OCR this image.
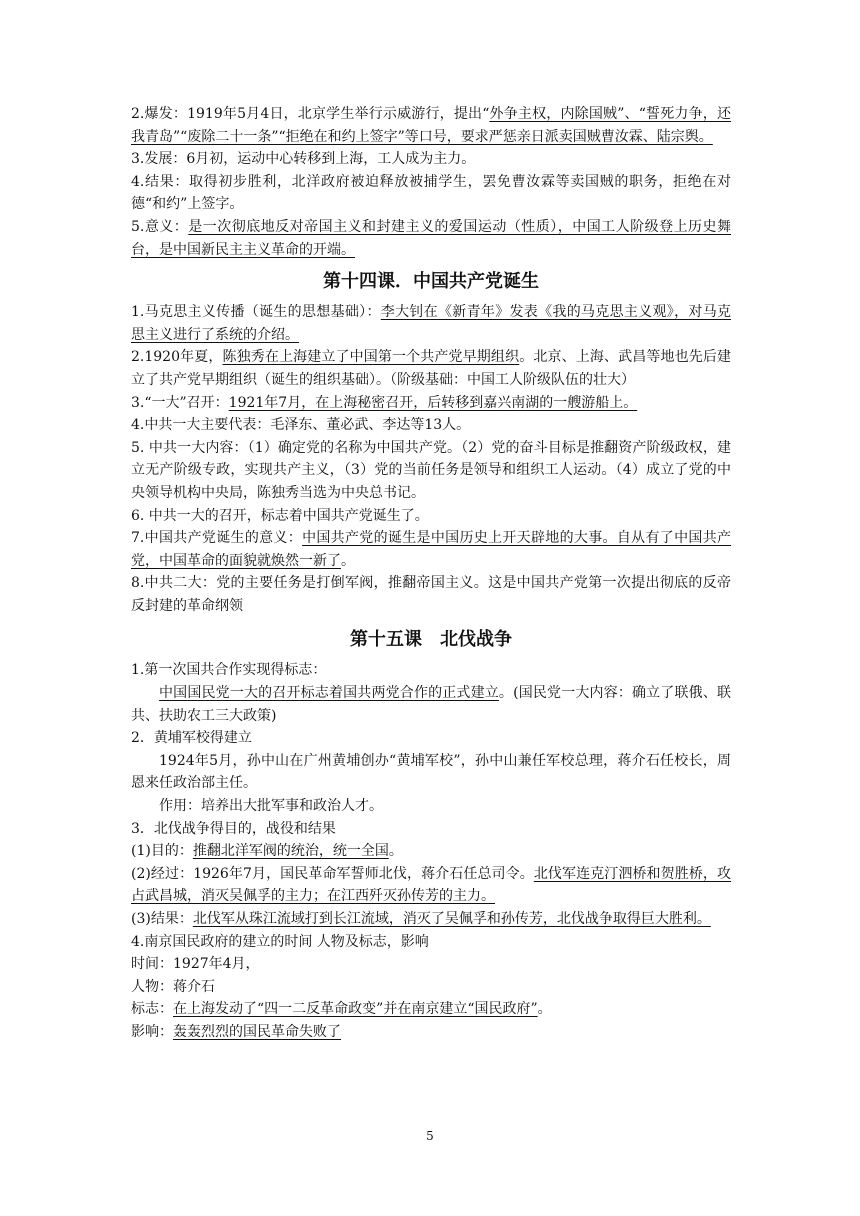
2.爆发：1919年5月4日，北京学生举行示威游行，提出“外争主权，内除国贼”、“誓死力争，还我青岛”“废除二十一条”“拒绝在和约上签字”等口号，要求严惩亲日派卖国贼曹汝霖、陆宗舆。

3.发展：6月初，运动中心转移到上海，工人成为主力。

4.结果：取得初步胜利，北洋政府被迫释放被捕学生，罢免曹汝霖等卖国贼的职务，拒绝在对德“和约”上签字。

5.意义：是一次彻底地反对帝国主义和封建主义的爱国运动（性质），中国工人阶级登上历史舞台，是中国新民主主义革命的开端。

第十四课．中国共产党诞生

1.马克思主义传播（诞生的思想基础）：李大钊在《新青年》发表《我的马克思主义观》，对马克思主义进行了系统的介绍。

2.1920年夏，陈独秀在上海建立了中国第一个共产党早期组织。北京、上海、武昌等地也先后建立了共产党早期组织（诞生的组织基础）。（阶级基础：中国工人阶级队伍的壮大）

3.“一大”召开：1921年7月，在上海秘密召开，后转移到嘉兴南湖的一艘游船上。

4.中共一大主要代表：毛泽东、董必武、李达等13人。

5. 中共一大内容：（1）确定党的名称为中国共产党。（2）党的奋斗目标是推翻资产阶级政权，建立无产阶级专政，实现共产主义，（3）党的当前任务是领导和组织工人运动。（4）成立了党的中央领导机构中央局，陈独秀当选为中央总书记。

6. 中共一大的召开，标志着中国共产党诞生了。

7.中国共产党诞生的意义：中国共产党的诞生是中国历史上开天辟地的大事。自从有了中国共产党，中国革命的面貌就焕然一新了。

8.中共二大：党的主要任务是打倒军阀，推翻帝国主义。这是中国共产党第一次提出彻底的反帝反封建的革命纲领

第十五课　北伐战争

1.第一次国共合作实现得标志：

中国国民党一大的召开标志着国共两党合作的正式建立。(国民党一大内容：确立了联俄、联共、扶助农工三大政策)

2．黄埔军校得建立

1924年5月，孙中山在广州黄埔创办“黄埔军校”，孙中山兼任军校总理，蒋介石任校长，周恩来任政治部主任。

作用：培养出大批军事和政治人才。

3．北伐战争得目的，战役和结果

(1)目的：推翻北洋军阀的统治，统一全国。

(2)经过：1926年7月，国民革命军誓师北伐，蒋介石任总司令。北伐军连克汀泗桥和贺胜桥，攻占武昌城，消灭吴佩孚的主力；在江西歼灭孙传芳的主力。

(3)结果：北伐军从珠江流域打到长江流域，消灭了吴佩孚和孙传芳，北伐战争取得巨大胜利。

4.南京国民政府的建立的时间 人物及标志，影响

时间：1927年4月，

人物：蒋介石

标志：在上海发动了“四一二反革命政变”并在南京建立“国民政府”。

影响：轰轰烈烈的国民革命失败了

5
